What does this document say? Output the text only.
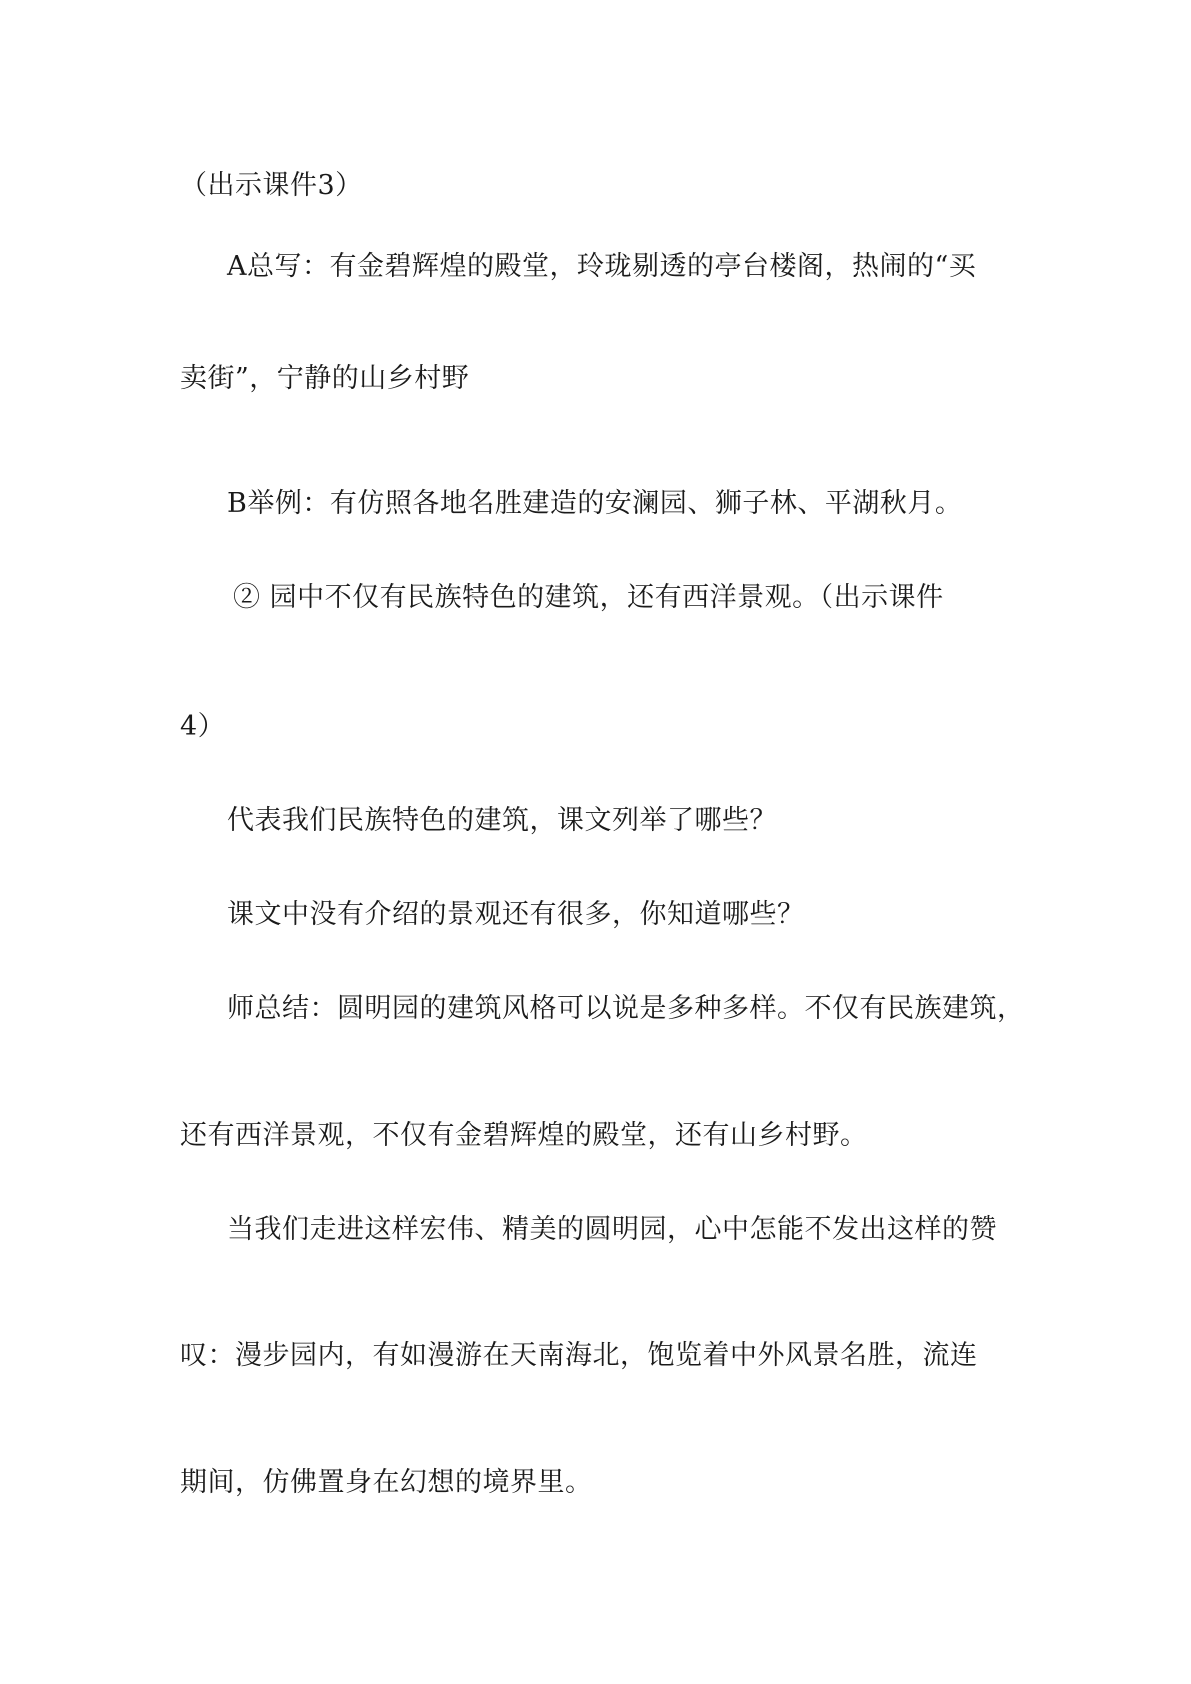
（出示课件3）
A总写：有金碧辉煌的殿堂，玲珑剔透的亭台楼阁，热闹的“买
卖街”，宁静的山乡村野
B举例：有仿照各地名胜建造的安澜园、狮子林、平湖秋月。
② 园中不仅有民族特色的建筑，还有西洋景观。（出示课件
4）
代表我们民族特色的建筑，课文列举了哪些？
课文中没有介绍的景观还有很多，你知道哪些？
师总结：圆明园的建筑风格可以说是多种多样。不仅有民族建筑，
还有西洋景观，不仅有金碧辉煌的殿堂，还有山乡村野。
当我们走进这样宏伟、精美的圆明园，心中怎能不发出这样的赞
叹：漫步园内，有如漫游在天南海北，饱览着中外风景名胜，流连
期间，仿佛置身在幻想的境界里。
